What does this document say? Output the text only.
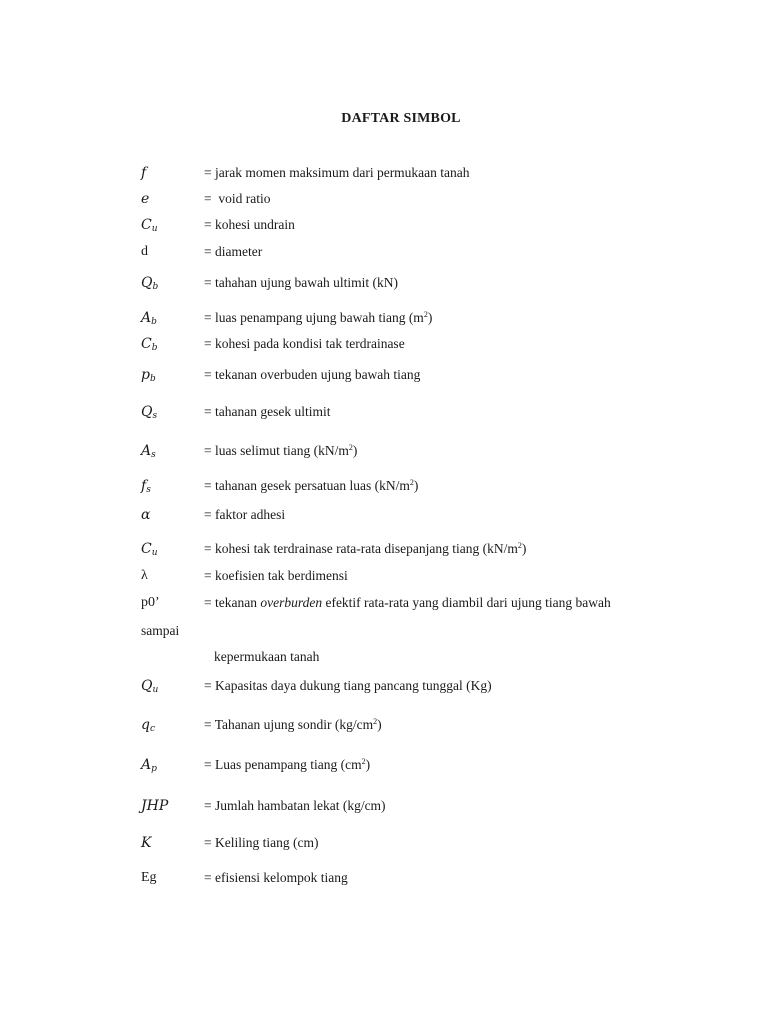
DAFTAR SIMBOL
f	= jarak momen maksimum dari permukaan tanah
e	=  void ratio
$C_u$	= kohesi undrain
d	= diameter
$Q_b$	= tahahan ujung bawah ultimit (kN)
$A_b$	= luas penampang ujung bawah tiang $(m^2)$
$C_b$	= kohesi pada kondisi tak terdrainase
$p_b$	= tekanan overbuden ujung bawah tiang
$Q_s$	= tahanan gesek ultimit
$A_s$	= luas selimut tiang $(kN/m^2)$
$f_s$	= tahanan gesek persatuan luas $(kN/m^2)$
α	= faktor adhesi
$C_u$	= kohesi tak terdrainase rata-rata disepanjang tiang $(kN/m^2)$
λ	= koefisien tak berdimensi
p0’	= tekanan overburden efektif rata-rata yang diambil dari ujung tiang bawah
sampai
kepermukaan tanah
$Q_u$	= Kapasitas daya dukung tiang pancang tunggal (Kg)
$q_c$	= Tahanan ujung sondir $(kg/cm^2)$
$A_p$	= Luas penampang tiang $(cm^2)$
JHP	= Jumlah hambatan lekat (kg/cm)
K	= Keliling tiang (cm)
Eg	= efisiensi kelompok tiang
